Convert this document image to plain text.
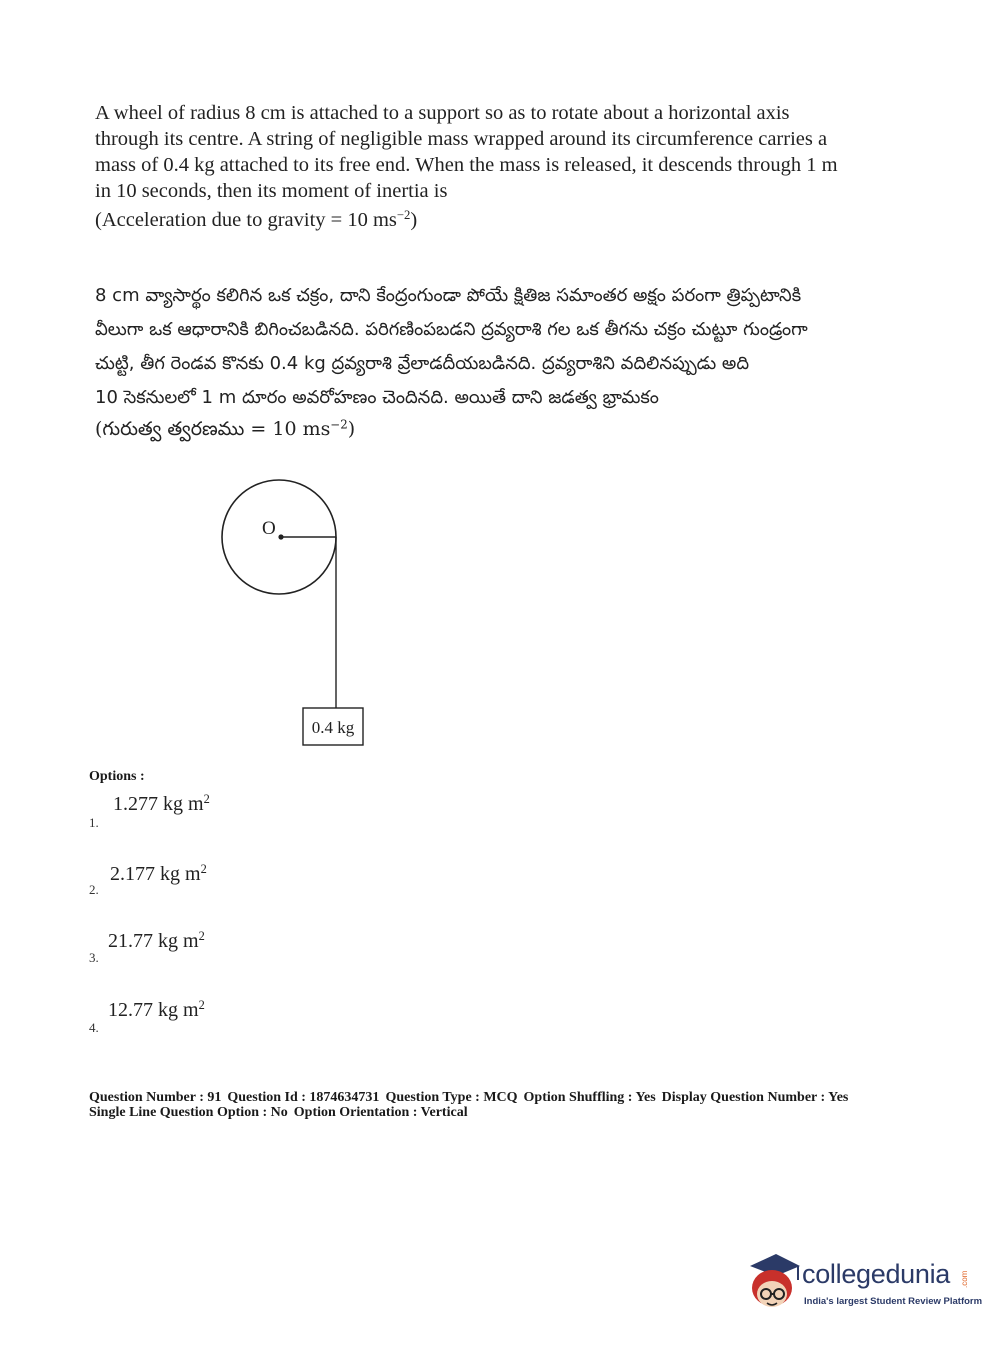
A wheel of radius 8 cm is attached to a support so as to rotate about a horizontal axis

through its centre. A string of negligible mass wrapped around its circumference carries a

mass of 0.4 kg attached to its free end. When the mass is released, it descends through 1 m

in 10 seconds, then its moment of inertia is

(Acceleration due to gravity = 10 $ms^{-2}$)
8 cm వ్యాసార్థం కలిగిన ఒక చక్రం, దాని కేంద్రంగుండా పోయే క్షితిజ సమాంతర అక్షం పరంగా త్రిప్పటానికి
వీలుగా ఒక ఆధారానికి బిగించబడినది. పరిగణింపబడని ద్రవ్యరాశి గల ఒక తీగను చక్రం చుట్టూ గుండ్రంగా
చుట్టి, తీగ రెండవ కొనకు 0.4 kg ద్రవ్యరాశి వ్రేలాడదీయబడినది. ద్రవ్యరాశిని వదిలినప్పుడు అది
10 సెకనులలో 1 m దూరం అవరోహణం చెందినది. అయితే దాని జడత్వ భ్రామకం
(గురుత్వ త్వరణము = 10 $ms^{-2}$)
O
0.4 kg
Options :
1.277 kg $m^2$
1.
2.177 kg $m^2$
2.
21.77 kg $m^2$
3.
12.77 kg $m^2$
4.
Question Number : 91 Question Id : 1874634731 Question Type : MCQ Option Shuffling : Yes Display Question Number : Yes
Single Line Question Option : No Option Orientation : Vertical
collegedunia .com
India's largest Student Review Platform
